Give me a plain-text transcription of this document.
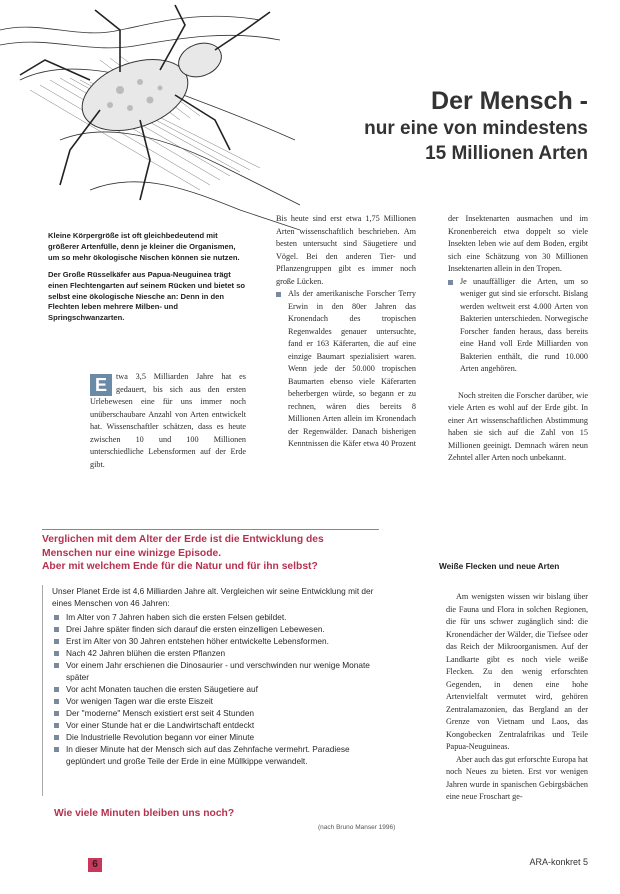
Der Mensch -
nur eine von mindestens
15 Millionen Arten

Kleine Körpergröße ist oft gleichbedeutend mit größerer Artenfülle, denn je kleiner die Organismen, um so mehr ökologische Nischen können sie nutzen.

Der Große Rüsselkäfer aus Papua-Neuguinea trägt einen Flechtengarten auf seinem Rücken und bietet so selbst eine ökologische Niesche an: Denn in den Flechten leben mehrere Milben- und Springschwanzarten.

E	twa 3,5 Milliarden Jahre hat es gedauert, bis sich aus den ersten Urlebewesen eine für uns immer noch unüberschaubare Anzahl von Arten entwickelt hat. Wissenschaftler schätzen, dass es heute zwischen 10 und 100 Millionen unterschiedliche Lebensformen auf der Erde gibt.

Bis heute sind erst etwa 1,75 Millionen Arten wissenschaftlich beschrieben. Am besten untersucht sind Säugetiere und Vögel. Bei den anderen Tier- und Pflanzengruppen gibt es immer noch große Lücken.

Als der amerikanische Forscher Terry Erwin in den 80er Jahren das Kronendach des tropischen Regenwaldes genauer untersuchte, fand er 163 Käferarten, die auf eine einzige Baumart spezialisiert waren. Wenn jede der 50.000 tropischen Baumarten ebenso viele Käferarten beherbergen würde, so begann er zu rechnen, wären dies bereits 8 Millionen Arten allein im Kronendach der Regenwälder. Danach bisherigen Kenntnissen die Käfer etwa 40 Prozent

der Insektenarten ausmachen und im Kronenbereich etwa doppelt so viele Insekten leben wie auf dem Boden, ergibt sich eine Schätzung von 30 Millionen Insektenarten allein in den Tropen.

Je unauffälliger die Arten, um so weniger gut sind sie erforscht. Bislang werden weltweit erst 4.000 Arten von Bakterien unterschieden. Norwegische Forscher fanden heraus, dass bereits eine Hand voll Erde Milliarden von Bakterien enthält, die rund 10.000 Arten angehören.

Noch streiten die Forscher darüber, wie viele Arten es wohl auf der Erde gibt. In einer Art wissenschaftlichen Abstimmung haben sie sich auf die Zahl von 15 Millionen geeinigt. Demnach wären neun Zehntel aller Arten noch unbekannt.

Verglichen mit dem Alter der Erde ist die Entwicklung des
Menschen nur eine winizge Episode.
Aber mit welchem Ende für die Natur und für ihn selbst?

Unser Planet Erde ist 4,6 Milliarden Jahre alt. Vergleichen wir seine Entwicklung mit der eines Menschen von 46 Jahren:

Im Alter von 7 Jahren haben sich die ersten Felsen gebildet.
Drei Jahre später finden sich darauf die ersten einzelligen Lebewesen.
Erst im Alter von 30 Jahren entstehen höher entwickelte Lebensformen.
Nach 42 Jahren blühen die ersten Pflanzen
Vor einem Jahr erschienen die Dinosaurier - und verschwinden nur wenige Monate später
Vor acht Monaten tauchen die ersten Säugetiere auf
Vor wenigen Tagen war die erste Eiszeit
Der "moderne" Mensch existiert erst seit 4 Stunden
Vor einer Stunde hat er die Landwirtschaft entdeckt
Die Industrielle Revolution begann vor einer Minute
In dieser Minute hat der Mensch sich auf das Zehnfache vermehrt. Paradiese geplündert und große Teile der Erde in eine Müllkippe verwandelt.
Wie viele Minuten bleiben uns noch?
(nach Bruno Manser 1996)
Weiße Flecken und neue Arten

Am wenigsten wissen wir bislang über die Fauna und Flora in solchen Regionen, die für uns schwer zugänglich sind: die Kronendächer der Wälder, die Tiefsee oder das Reich der Mikroorganismen. Auf der Landkarte gibt es noch viele weiße Flecken. Zu den wenig erforschten Gegenden, in denen eine hohe Artenvielfalt vermutet wird, gehören Zentralamazonien, das Bergland an der Grenze von Vietnam und Laos, das Kongobecken Zentralafrikas und Teile Papua-Neuguineas.

Aber auch das gut erforschte Europa hat noch Neues zu bieten. Erst vor wenigen Jahren wurde in spanischen Gebirgsbächen eine neue Froschart ge-

6	ARA-konkret 5
